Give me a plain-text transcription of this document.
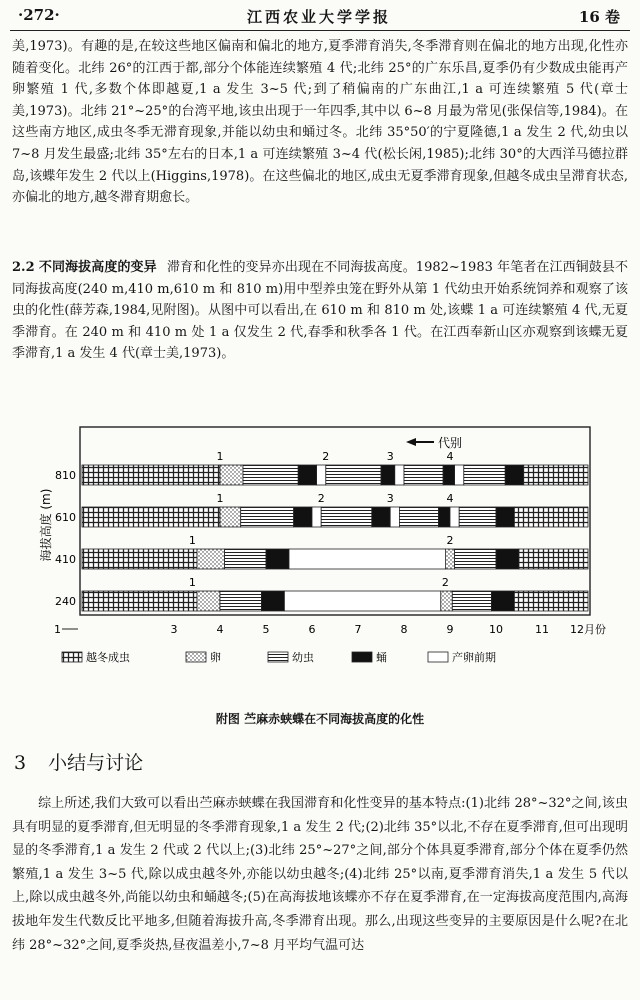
·272·	江西农业大学学报	16 卷

美,1973)。有趣的是,在较这些地区偏南和偏北的地方,夏季滞育消失,冬季滞育则在偏北的地方出现,化性亦随着变化。北纬 26°的江西于都,部分个体能连续繁殖 4 代;北纬 25°的广东乐昌,夏季仍有少数成虫能再产卵繁殖 1 代,多数个体即越夏,1 a 发生 3~5 代;到了稍偏南的广东曲江,1 a 可连续繁殖 5 代(章士美,1973)。北纬 21°~25°的台湾平地,该虫出现于一年四季,其中以 6~8 月最为常见(张保信等,1984)。在这些南方地区,成虫冬季无滞育现象,并能以幼虫和蛹过冬。北纬 35°50′的宁夏隆德,1 a 发生 2 代,幼虫以 7~8 月发生最盛;北纬 35°左右的日本,1 a 可连续繁殖 3~4 代(松长闲,1985);北纬 30°的大西洋马德拉群岛,该蝶年发生 2 代以上(Higgins,1978)。在这些偏北的地区,成虫无夏季滞育现象,但越冬成虫呈滞育状态,亦偏北的地方,越冬滞育期愈长。

2.2 不同海拔高度的变异 滞育和化性的变异亦出现在不同海拔高度。1982~1983 年笔者在江西铜鼓县不同海拔高度(240 m,410 m,610 m 和 810 m)用中型养虫笼在野外从第 1 代幼虫开始系统饲养和观察了该虫的化性(薛芳森,1984,见附图)。从图中可以看出,在 610 m 和 810 m 处,该蝶 1 a 可连续繁殖 4 代,无夏季滞育。在 240 m 和 410 m 处 1 a 仅发生 2 代,春季和秋季各 1 代。在江西奉新山区亦观察到该蝶无夏季滞育,1 a 发生 4 代(章士美,1973)。

810
1	2	3	4
610
1	2	3	4
410
1	2
240
1	2
海拔高度 (m)
代别
越冬成虫	卵	幼虫	蛹	产卵前期
1	3	4	5	6	7	8	9	10	11 12月份
附图 苎麻赤蛱蝶在不同海拔高度的化性
3 小结与讨论

综上所述,我们大致可以看出苎麻赤蛱蝶在我国滞育和化性变异的基本特点:(1)北纬 28°~32°之间,该虫具有明显的夏季滞育,但无明显的冬季滞育现象,1 a 发生 2 代;(2)北纬 35°以北,不存在夏季滞育,但可出现明显的冬季滞育,1 a 发生 2 代或 2 代以上;(3)北纬 25°~27°之间,部分个体具夏季滞育,部分个体在夏季仍然繁殖,1 a 发生 3~5 代,除以成虫越冬外,亦能以幼虫越冬;(4)北纬 25°以南,夏季滞育消失,1 a 发生 5 代以上,除以成虫越冬外,尚能以幼虫和蛹越冬;(5)在高海拔地该蝶亦不存在夏季滞育,在一定海拔高度范围内,高海拔地年发生代数反比平地多,但随着海拔升高,冬季滞育出现。那么,出现这些变异的主要原因是什么呢?在北纬 28°~32°之间,夏季炎热,昼夜温差小,7~8 月平均气温可达
